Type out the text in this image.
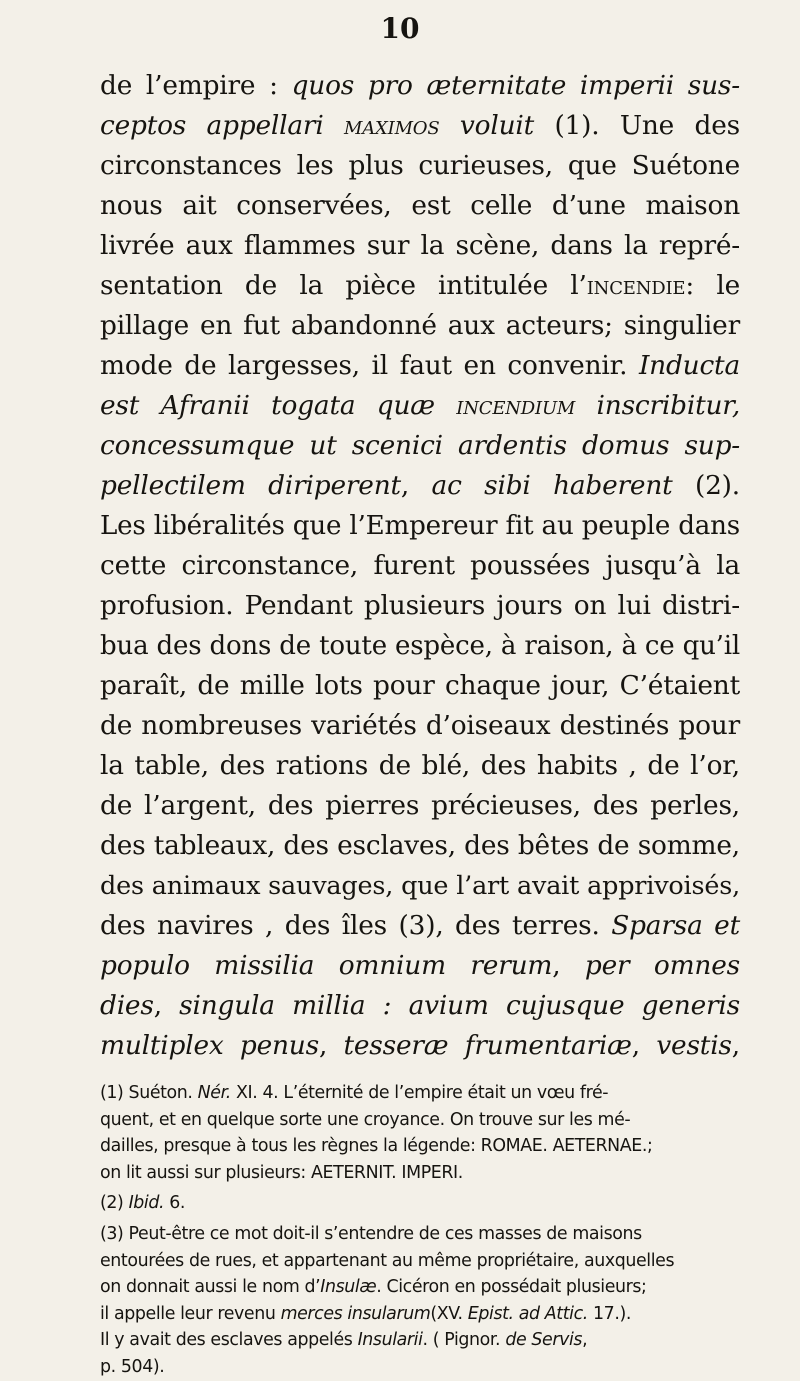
10
de l’empire : quos pro æternitate imperii sus-
ceptos appellari maximos voluit (1). Une des
circonstances les plus curieuses, que Suétone
nous ait conservées, est celle d’une maison
livrée aux flammes sur la scène, dans la repré-
sentation de la pièce intitulée l’incendie: le
pillage en fut abandonné aux acteurs; singulier
mode de largesses, il faut en convenir. Inducta
est Afranii togata quæ incendium inscribitur,
concessumque ut scenici ardentis domus sup-
pellectilem diriperent, ac sibi haberent (2).
Les libéralités que l’Empereur fit au peuple dans
cette circonstance, furent poussées jusqu’à la
profusion. Pendant plusieurs jours on lui distri-
bua des dons de toute espèce, à raison, à ce qu’il
paraît, de mille lots pour chaque jour, C’étaient
de nombreuses variétés d’oiseaux destinés pour
la table, des rations de blé, des habits , de l’or,
de l’argent, des pierres précieuses, des perles,
des tableaux, des esclaves, des bêtes de somme,
des animaux sauvages, que l’art avait apprivoisés,
des navires , des îles (3), des terres. Sparsa et
populo missilia omnium rerum, per omnes
dies, singula millia : avium cujusque generis
multiplex penus, tesseræ frumentariæ, vestis,
(1) Suéton. Nér. XI. 4. L’éternité de l’empire était un vœu fré-
quent, et en quelque sorte une croyance. On trouve sur les mé-
dailles, presque à tous les règnes la légende: ROMAE. AETERNAE.;
on lit aussi sur plusieurs: AETERNIT. IMPERI.
(2) Ibid. 6.
(3) Peut-être ce mot doit-il s’entendre de ces masses de maisons
entourées de rues, et appartenant au même propriétaire, auxquelles
on donnait aussi le nom d’Insulæ. Cicéron en possédait plusieurs;
il appelle leur revenu merces insularum(XV. Epist. ad Attic. 17.).
Il y avait des esclaves appelés Insularii. ( Pignor. de Servis,
p. 504).
